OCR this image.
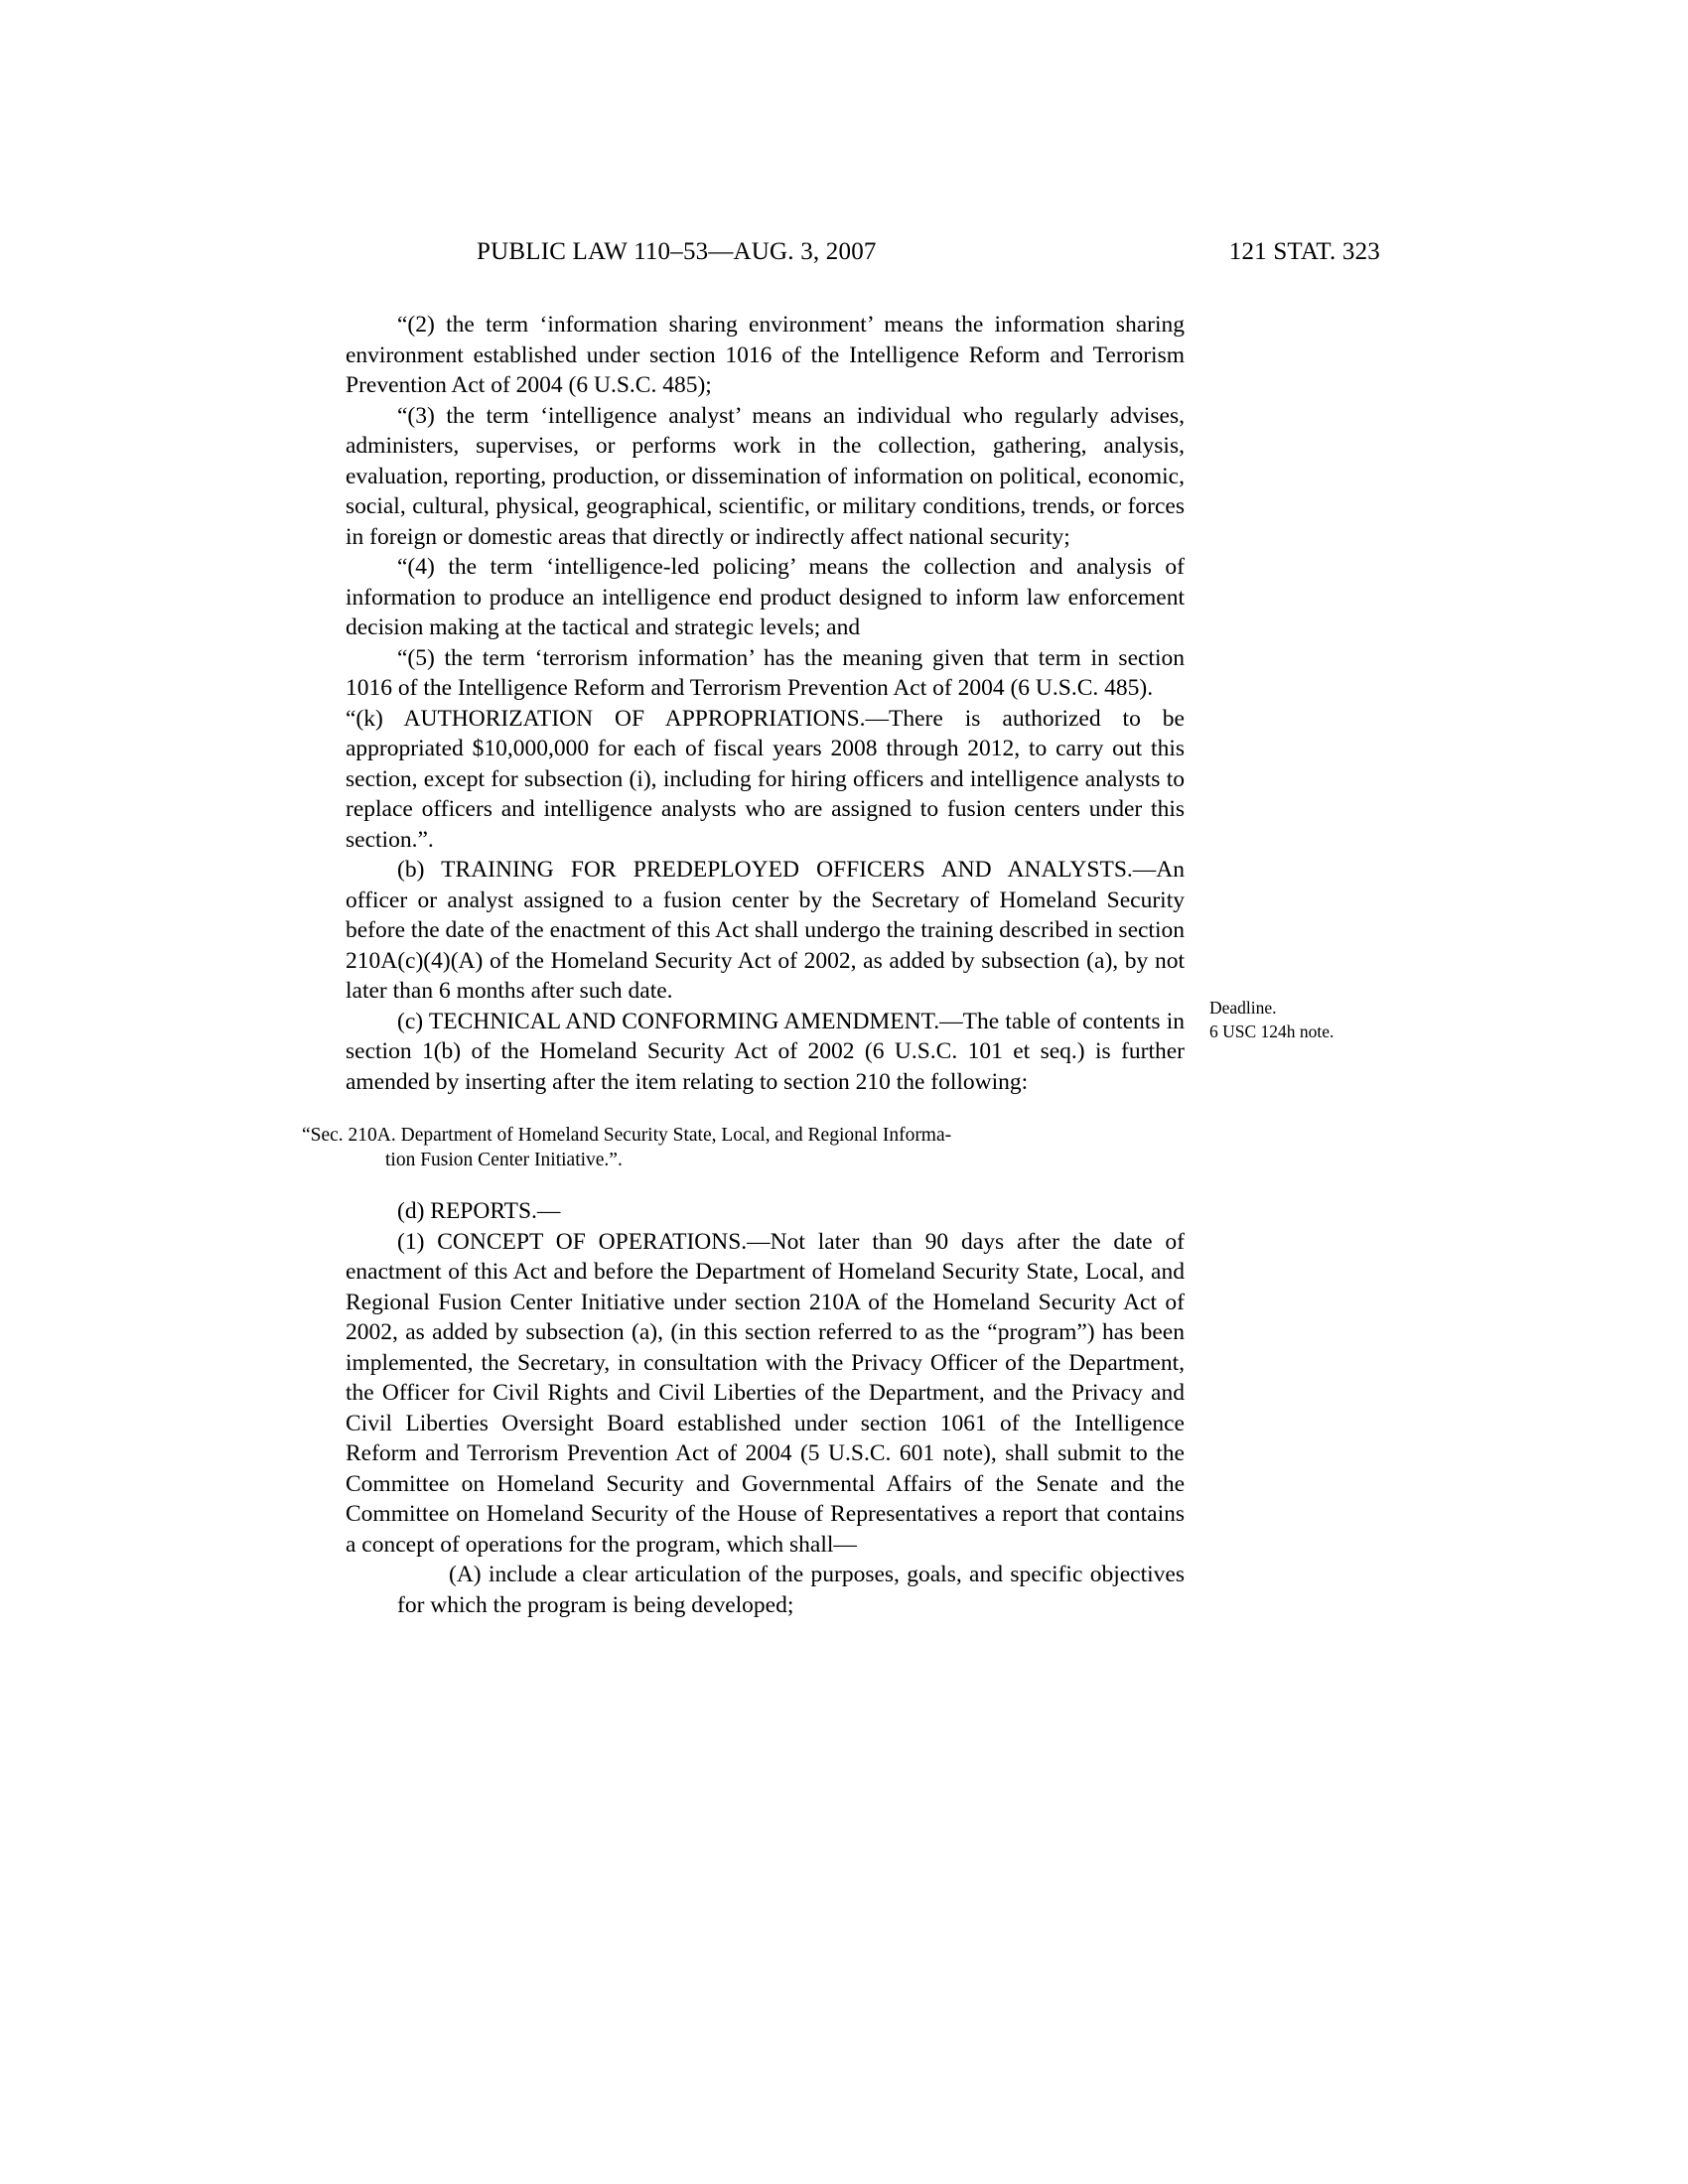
PUBLIC LAW 110–53—AUG. 3, 2007	121 STAT. 323
Deadline.
6 USC 124h note.

“(2) the term ‘information sharing environment’ means the information sharing environment established under section 1016 of the Intelligence Reform and Terrorism Prevention Act of 2004 (6 U.S.C. 485);

“(3) the term ‘intelligence analyst’ means an individual who regularly advises, administers, supervises, or performs work in the collection, gathering, analysis, evaluation, reporting, production, or dissemination of information on political, economic, social, cultural, physical, geographical, scientific, or military conditions, trends, or forces in foreign or domestic areas that directly or indirectly affect national security;

“(4) the term ‘intelligence-led policing’ means the collection and analysis of information to produce an intelligence end product designed to inform law enforcement decision making at the tactical and strategic levels; and

“(5) the term ‘terrorism information’ has the meaning given that term in section 1016 of the Intelligence Reform and Terrorism Prevention Act of 2004 (6 U.S.C. 485).

“(k) AUTHORIZATION OF APPROPRIATIONS.—There is authorized to be appropriated $10,000,000 for each of fiscal years 2008 through 2012, to carry out this section, except for subsection (i), including for hiring officers and intelligence analysts to replace officers and intelligence analysts who are assigned to fusion centers under this section.”.

(b) TRAINING FOR PREDEPLOYED OFFICERS AND ANALYSTS.—An officer or analyst assigned to a fusion center by the Secretary of Homeland Security before the date of the enactment of this Act shall undergo the training described in section 210A(c)(4)(A) of the Homeland Security Act of 2002, as added by subsection (a), by not later than 6 months after such date.

(c) TECHNICAL AND CONFORMING AMENDMENT.—The table of contents in section 1(b) of the Homeland Security Act of 2002 (6 U.S.C. 101 et seq.) is further amended by inserting after the item relating to section 210 the following:

“Sec. 210A. Department of Homeland Security State, Local, and Regional Informa-
tion Fusion Center Initiative.”.

(d) REPORTS.—

(1) CONCEPT OF OPERATIONS.—Not later than 90 days after the date of enactment of this Act and before the Department of Homeland Security State, Local, and Regional Fusion Center Initiative under section 210A of the Homeland Security Act of 2002, as added by subsection (a), (in this section referred to as the “program”) has been implemented, the Secretary, in consultation with the Privacy Officer of the Department, the Officer for Civil Rights and Civil Liberties of the Department, and the Privacy and Civil Liberties Oversight Board established under section 1061 of the Intelligence Reform and Terrorism Prevention Act of 2004 (5 U.S.C. 601 note), shall submit to the Committee on Homeland Security and Governmental Affairs of the Senate and the Committee on Homeland Security of the House of Representatives a report that contains a concept of operations for the program, which shall—

(A) include a clear articulation of the purposes, goals, and specific objectives for which the program is being developed;
